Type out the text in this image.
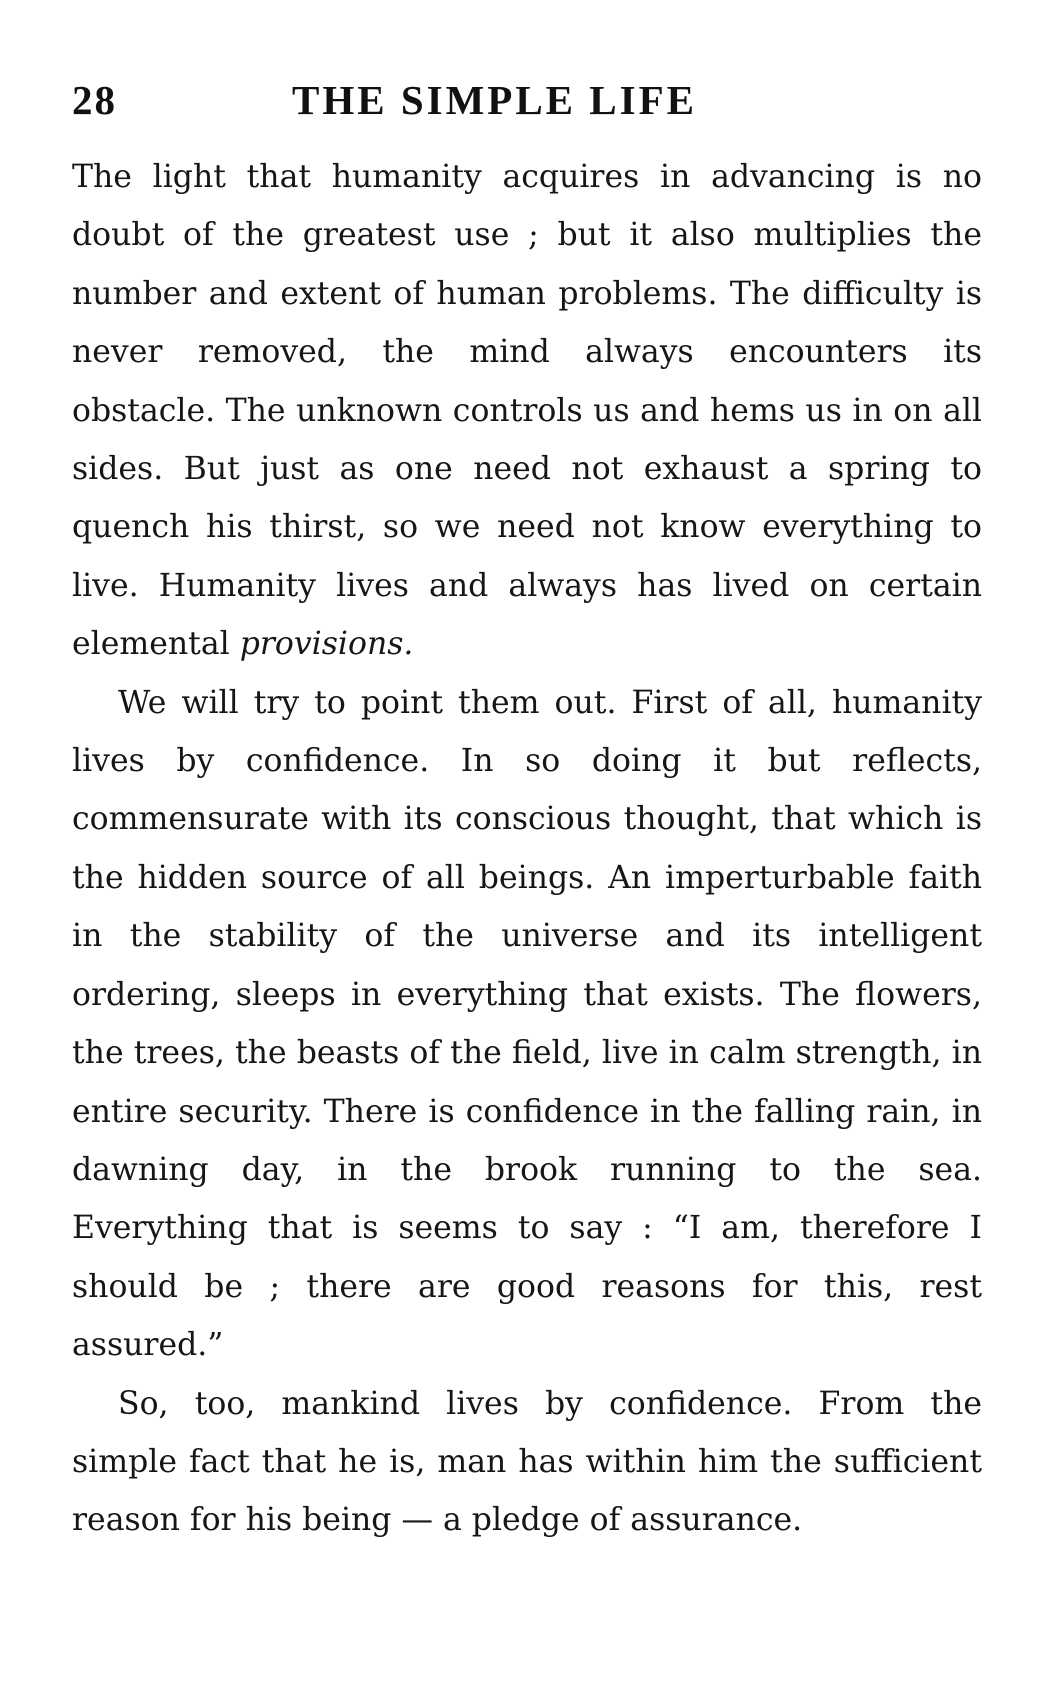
28	THE SIMPLE LIFE

The light that humanity acquires in advancing is no doubt of the greatest use ; but it also multiplies the number and extent of human problems. The difficulty is never removed, the mind always encounters its obstacle. The unknown controls us and hems us in on all sides. But just as one need not exhaust a spring to quench his thirst, so we need not know everything to live. Humanity lives and always has lived on certain elemental provisions.

We will try to point them out. First of all, humanity lives by confidence. In so doing it but reflects, commensurate with its conscious thought, that which is the hidden source of all beings. An imperturbable faith in the stability of the universe and its intelligent ordering, sleeps in everything that exists. The flowers, the trees, the beasts of the field, live in calm strength, in entire security. There is confidence in the falling rain, in dawning day, in the brook running to the sea. Everything that is seems to say : “I am, therefore I should be ; there are good reasons for this, rest assured.”

So, too, mankind lives by confidence. From the simple fact that he is, man has within him the sufficient reason for his being — a pledge of assurance.
